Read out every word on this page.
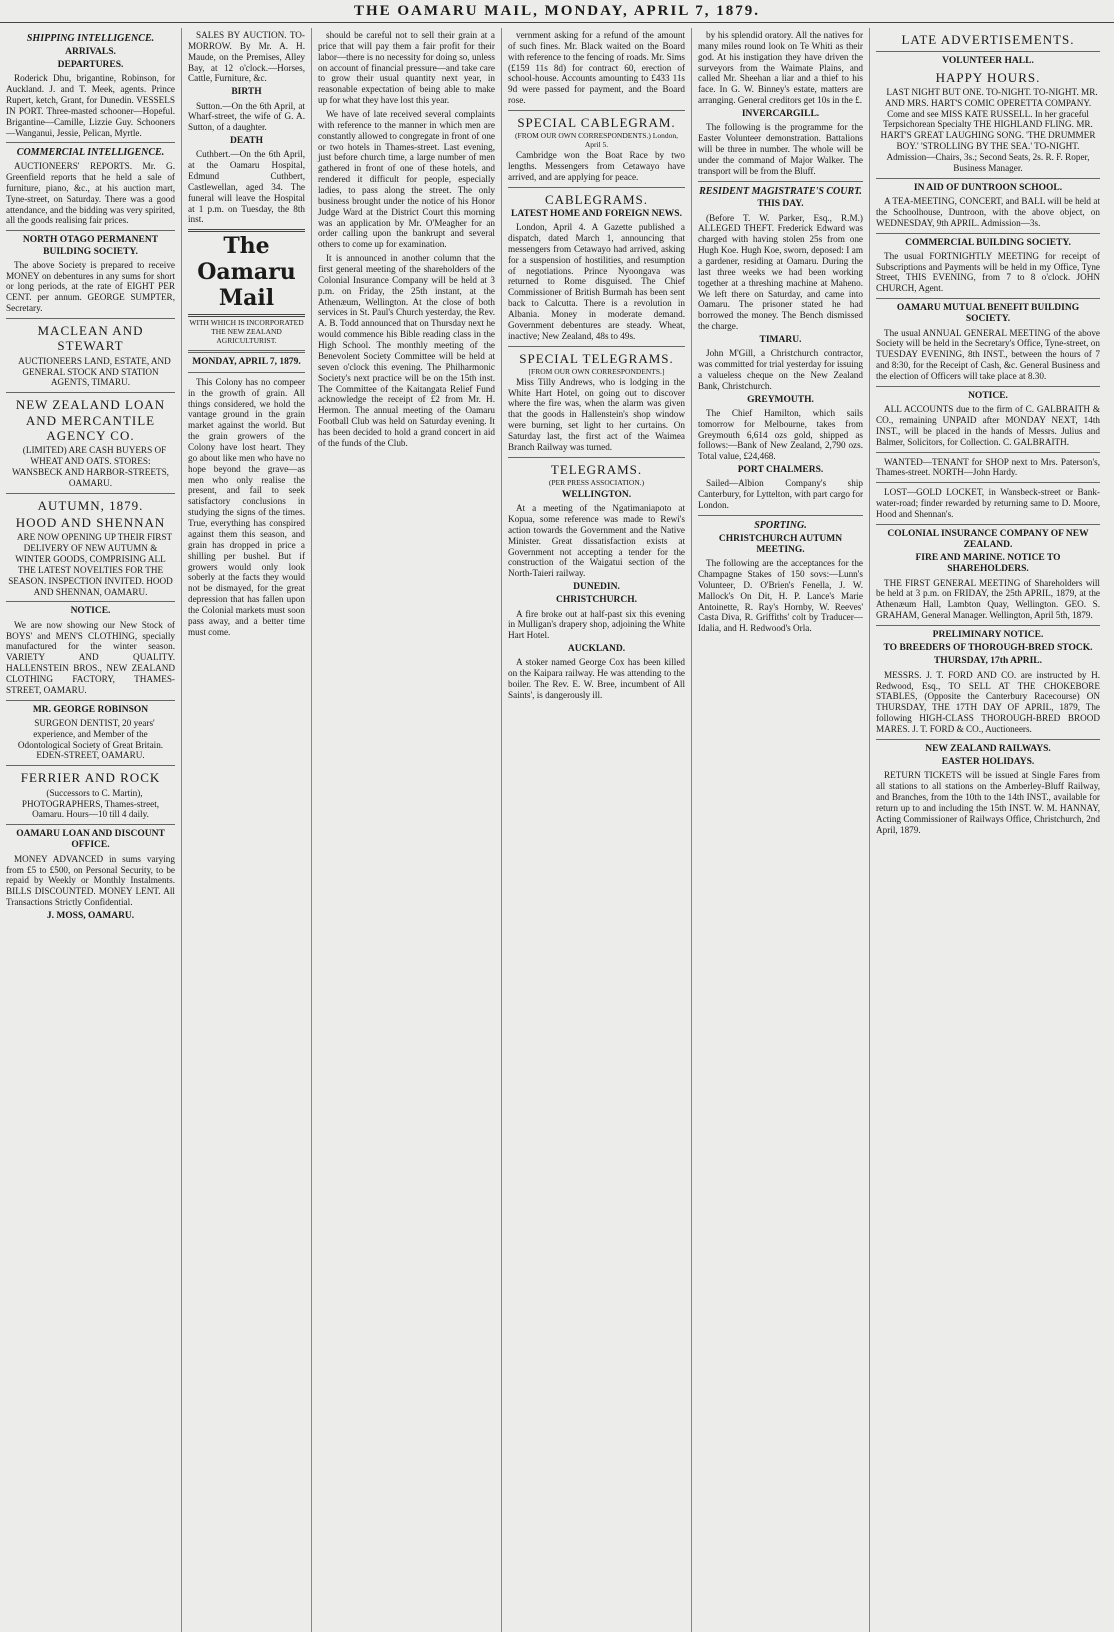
THE OAMARU MAIL, MONDAY, APRIL 7, 1879.
SHIPPING INTELLIGENCE.
ARRIVALS.
DEPARTURES.

Roderick Dhu, brigantine, Robinson, for Auckland. J. and T. Meek, agents. Prince Rupert, ketch, Grant, for Dunedin. VESSELS IN PORT. Three-masted schooner—Hopeful. Brigantine—Camille, Lizzie Guy. Schooners—Wanganui, Jessie, Pelican, Myrtle.

COMMERCIAL INTELLIGENCE.

AUCTIONEERS' REPORTS. Mr. G. Greenfield reports that he held a sale of furniture, piano, &c., at his auction mart, Tyne-street, on Saturday. There was a good attendance, and the bidding was very spirited, all the goods realising fair prices.

NORTH OTAGO PERMANENT BUILDING SOCIETY.

The above Society is prepared to receive MONEY on debentures in any sums for short or long periods, at the rate of EIGHT PER CENT. per annum. GEORGE SUMPTER, Secretary.

MACLEAN AND STEWART

AUCTIONEERS LAND, ESTATE, AND GENERAL STOCK AND STATION AGENTS, TIMARU.

NEW ZEALAND LOAN AND MERCANTILE AGENCY CO.

(LIMITED) ARE CASH BUYERS OF WHEAT AND OATS. STORES: WANSBECK AND HARBOR-STREETS, OAMARU.

AUTUMN, 1879.
HOOD AND SHENNAN

ARE NOW OPENING UP THEIR FIRST DELIVERY OF NEW AUTUMN & WINTER GOODS, COMPRISING ALL THE LATEST NOVELTIES FOR THE SEASON. INSPECTION INVITED. HOOD AND SHENNAN, OAMARU.

NOTICE.

We are now showing our New Stock of BOYS' and MEN'S CLOTHING, specially manufactured for the winter season. VARIETY AND QUALITY. HALLENSTEIN BROS., NEW ZEALAND CLOTHING FACTORY, THAMES-STREET, OAMARU.

MR. GEORGE ROBINSON

SURGEON DENTIST, 20 years' experience, and Member of the Odontological Society of Great Britain. EDEN-STREET, OAMARU.

FERRIER AND ROCK

(Successors to C. Martin), PHOTOGRAPHERS, Thames-street, Oamaru. Hours—10 till 4 daily.

OAMARU LOAN AND DISCOUNT OFFICE.

MONEY ADVANCED in sums varying from £5 to £500, on Personal Security, to be repaid by Weekly or Monthly Instalments. BILLS DISCOUNTED. MONEY LENT. All Transactions Strictly Confidential.

J. MOSS, OAMARU.

SALES BY AUCTION. TO-MORROW. By Mr. A. H. Maude, on the Premises, Alley Bay, at 12 o'clock.—Horses, Cattle, Furniture, &c.

BIRTH

Sutton.—On the 6th April, at Wharf-street, the wife of G. A. Sutton, of a daughter.

DEATH

Cuthbert.—On the 6th April, at the Oamaru Hospital, Edmund Cuthbert, Castlewellan, aged 34. The funeral will leave the Hospital at 1 p.m. on Tuesday, the 8th inst.

The Oamaru Mail
WITH WHICH IS INCORPORATED THE NEW ZEALAND AGRICULTURIST.
MONDAY, APRIL 7, 1879.

This Colony has no compeer in the growth of grain. All things considered, we hold the vantage ground in the grain market against the world. But the grain growers of the Colony have lost heart. They go about like men who have no hope beyond the grave—as men who only realise the present, and fail to seek satisfactory conclusions in studying the signs of the times. True, everything has conspired against them this season, and grain has dropped in price a shilling per bushel. But if growers would only look soberly at the facts they would not be dismayed, for the great depression that has fallen upon the Colonial markets must soon pass away, and a better time must come.

should be careful not to sell their grain at a price that will pay them a fair profit for their labor—there is no necessity for doing so, unless on account of financial pressure—and take care to grow their usual quantity next year, in reasonable expectation of being able to make up for what they have lost this year.

We have of late received several complaints with reference to the manner in which men are constantly allowed to congregate in front of one or two hotels in Thames-street. Last evening, just before church time, a large number of men gathered in front of one of these hotels, and rendered it difficult for people, especially ladies, to pass along the street. The only business brought under the notice of his Honor Judge Ward at the District Court this morning was an application by Mr. O'Meagher for an order calling upon the bankrupt and several others to come up for examination.

It is announced in another column that the first general meeting of the shareholders of the Colonial Insurance Company will be held at 3 p.m. on Friday, the 25th instant, at the Athenæum, Wellington. At the close of both services in St. Paul's Church yesterday, the Rev. A. B. Todd announced that on Thursday next he would commence his Bible reading class in the High School. The monthly meeting of the Benevolent Society Committee will be held at seven o'clock this evening. The Philharmonic Society's next practice will be on the 15th inst. The Committee of the Kaitangata Relief Fund acknowledge the receipt of £2 from Mr. H. Hermon. The annual meeting of the Oamaru Football Club was held on Saturday evening. It has been decided to hold a grand concert in aid of the funds of the Club.

vernment asking for a refund of the amount of such fines. Mr. Black waited on the Board with reference to the fencing of roads. Mr. Sims (£159 11s 8d) for contract 60, erection of school-house. Accounts amounting to £433 11s 9d were passed for payment, and the Board rose.

SPECIAL CABLEGRAM.
(FROM OUR OWN CORRESPONDENTS.) London, April 5.

Cambridge won the Boat Race by two lengths. Messengers from Cetawayo have arrived, and are applying for peace.

CABLEGRAMS.
LATEST HOME AND FOREIGN NEWS.

London, April 4. A Gazette published a dispatch, dated March 1, announcing that messengers from Cetawayo had arrived, asking for a suspension of hostilities, and resumption of negotiations. Prince Nyoongava was returned to Rome disguised. The Chief Commissioner of British Burmah has been sent back to Calcutta. There is a revolution in Albania. Money in moderate demand. Government debentures are steady. Wheat, inactive; New Zealand, 48s to 49s.

SPECIAL TELEGRAMS.
[FROM OUR OWN CORRESPONDENTS.]

Miss Tilly Andrews, who is lodging in the White Hart Hotel, on going out to discover where the fire was, when the alarm was given that the goods in Hallenstein's shop window were burning, set light to her curtains. On Saturday last, the first act of the Waimea Branch Railway was turned.

TELEGRAMS.
(PER PRESS ASSOCIATION.)
WELLINGTON.

At a meeting of the Ngatimaniapoto at Kopua, some reference was made to Rewi's action towards the Government and the Native Minister. Great dissatisfaction exists at Government not accepting a tender for the construction of the Waigatui section of the North-Taieri railway.

DUNEDIN.
CHRISTCHURCH.

A fire broke out at half-past six this evening in Mulligan's drapery shop, adjoining the White Hart Hotel.

AUCKLAND.

A stoker named George Cox has been killed on the Kaipara railway. He was attending to the boiler. The Rev. E. W. Bree, incumbent of All Saints', is dangerously ill.

by his splendid oratory. All the natives for many miles round look on Te Whiti as their god. At his instigation they have driven the surveyors from the Waimate Plains, and called Mr. Sheehan a liar and a thief to his face. In G. W. Binney's estate, matters are arranging. General creditors get 10s in the £.

INVERCARGILL.

The following is the programme for the Easter Volunteer demonstration. Battalions will be three in number. The whole will be under the command of Major Walker. The transport will be from the Bluff.

RESIDENT MAGISTRATE'S COURT.
THIS DAY.

(Before T. W. Parker, Esq., R.M.) ALLEGED THEFT. Frederick Edward was charged with having stolen 25s from one Hugh Koe. Hugh Koe, sworn, deposed: I am a gardener, residing at Oamaru. During the last three weeks we had been working together at a threshing machine at Maheno. We left there on Saturday, and came into Oamaru. The prisoner stated he had borrowed the money. The Bench dismissed the charge.

TIMARU.

John M'Gill, a Christchurch contractor, was committed for trial yesterday for issuing a valueless cheque on the New Zealand Bank, Christchurch.

GREYMOUTH.

The Chief Hamilton, which sails tomorrow for Melbourne, takes from Greymouth 6,614 ozs gold, shipped as follows:—Bank of New Zealand, 2,790 ozs. Total value, £24,468.

PORT CHALMERS.

Sailed—Albion Company's ship Canterbury, for Lyttelton, with part cargo for London.

SPORTING.
CHRISTCHURCH AUTUMN MEETING.

The following are the acceptances for the Champagne Stakes of 150 sovs:—Lunn's Volunteer, D. O'Brien's Fenella, J. W. Mallock's On Dit, H. P. Lance's Marie Antoinette, R. Ray's Hornby, W. Reeves' Casta Diva, R. Griffiths' colt by Traducer—Idalia, and H. Redwood's Orla.

LATE ADVERTISEMENTS.
VOLUNTEER HALL.
HAPPY HOURS.

LAST NIGHT BUT ONE. TO-NIGHT. TO-NIGHT. MR. AND MRS. HART'S COMIC OPERETTA COMPANY. Come and see MISS KATE RUSSELL. In her graceful Terpsichorean Specialty THE HIGHLAND FLING. MR. HART'S GREAT LAUGHING SONG. 'THE DRUMMER BOY.' 'STROLLING BY THE SEA.' TO-NIGHT. Admission—Chairs, 3s.; Second Seats, 2s. R. F. Roper, Business Manager.

IN AID OF DUNTROON SCHOOL.

A TEA-MEETING, CONCERT, and BALL will be held at the Schoolhouse, Duntroon, with the above object, on WEDNESDAY, 9th APRIL. Admission—3s.

COMMERCIAL BUILDING SOCIETY.

The usual FORTNIGHTLY MEETING for receipt of Subscriptions and Payments will be held in my Office, Tyne Street, THIS EVENING, from 7 to 8 o'clock. JOHN CHURCH, Agent.

OAMARU MUTUAL BENEFIT BUILDING SOCIETY.

The usual ANNUAL GENERAL MEETING of the above Society will be held in the Secretary's Office, Tyne-street, on TUESDAY EVENING, 8th INST., between the hours of 7 and 8:30, for the Receipt of Cash, &c. General Business and the election of Officers will take place at 8.30.

NOTICE.

ALL ACCOUNTS due to the firm of C. GALBRAITH & CO., remaining UNPAID after MONDAY NEXT, 14th INST., will be placed in the hands of Messrs. Julius and Balmer, Solicitors, for Collection. C. GALBRAITH.

WANTED—TENANT for SHOP next to Mrs. Paterson's, Thames-street. NORTH—John Hardy.

LOST—GOLD LOCKET, in Wansbeck-street or Bank-water-road; finder rewarded by returning same to D. Moore, Hood and Shennan's.

COLONIAL INSURANCE COMPANY OF NEW ZEALAND.
FIRE AND MARINE. NOTICE TO SHAREHOLDERS.

THE FIRST GENERAL MEETING of Shareholders will be held at 3 p.m. on FRIDAY, the 25th APRIL, 1879, at the Athenæum Hall, Lambton Quay, Wellington. GEO. S. GRAHAM, General Manager. Wellington, April 5th, 1879.

PRELIMINARY NOTICE.
TO BREEDERS OF THOROUGH-BRED STOCK.
THURSDAY, 17th APRIL.

MESSRS. J. T. FORD AND CO. are instructed by H. Redwood, Esq., TO SELL AT THE CHOKEBORE STABLES, (Opposite the Canterbury Racecourse) ON THURSDAY, THE 17TH DAY OF APRIL, 1879, The following HIGH-CLASS THOROUGH-BRED BROOD MARES. J. T. FORD & CO., Auctioneers.

NEW ZEALAND RAILWAYS.
EASTER HOLIDAYS.

RETURN TICKETS will be issued at Single Fares from all stations to all stations on the Amberley-Bluff Railway, and Branches, from the 10th to the 14th INST., available for return up to and including the 15th INST. W. M. HANNAY, Acting Commissioner of Railways Office, Christchurch, 2nd April, 1879.
